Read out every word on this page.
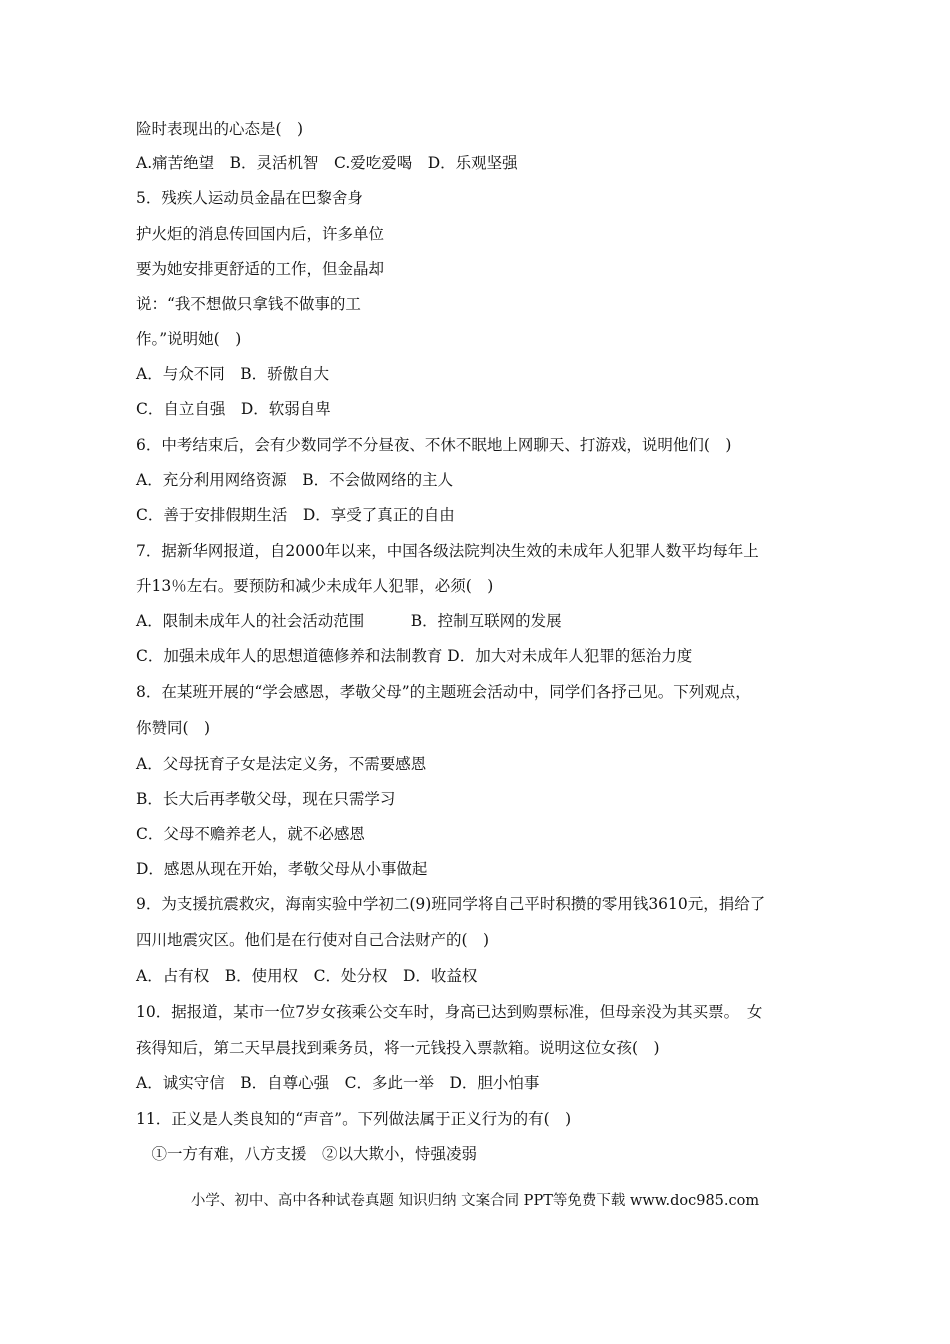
险时表现出的心态是(　)
A.痛苦绝望　B．灵活机智　C.爱吃爱喝　D．乐观坚强
5．残疾人运动员金晶在巴黎舍身
护火炬的消息传回国内后，许多单位
要为她安排更舒适的工作，但金晶却
说：“我不想做只拿钱不做事的工
作。”说明她(　)
A．与众不同　B．骄傲自大
C．自立自强　D．软弱自卑
6．中考结束后，会有少数同学不分昼夜、不休不眠地上网聊天、打游戏，说明他们(　)
A．充分利用网络资源　B．不会做网络的主人
C．善于安排假期生活　D．享受了真正的自由
7．据新华网报道，自2000年以来，中国各级法院判决生效的未成年人犯罪人数平均每年上
升13％左右。要预防和减少未成年人犯罪，必须(　)
A．限制未成年人的社会活动范围　　　B．控制互联网的发展
C．加强未成年人的思想道德修养和法制教育 D．加大对未成年人犯罪的惩治力度
8．在某班开展的“学会感恩，孝敬父母”的主题班会活动中，同学们各抒己见。下列观点，
你赞同(　)
A．父母抚育子女是法定义务，不需要感恩
B．长大后再孝敬父母，现在只需学习
C．父母不赡养老人，就不必感恩
D．感恩从现在开始，孝敬父母从小事做起
9．为支援抗震救灾，海南实验中学初二(9)班同学将自己平时积攒的零用钱3610元，捐给了
四川地震灾区。他们是在行使对自己合法财产的(　)
A．占有权　B．使用权　C．处分权　D．收益权
10．据报道，某市一位7岁女孩乘公交车时，身高已达到购票标准，但母亲没为其买票。　女
孩得知后，第二天早晨找到乘务员，将一元钱投入票款箱。说明这位女孩(　)
A．诚实守信　B．自尊心强　C．多此一举　D．胆小怕事
11．正义是人类良知的“声音”。下列做法属于正义行为的有(　)
　①一方有难，八方支援　②以大欺小，恃强凌弱
小学、初中、高中各种试卷真题 知识归纳 文案合同 PPT等免费下载 www.doc985.com
